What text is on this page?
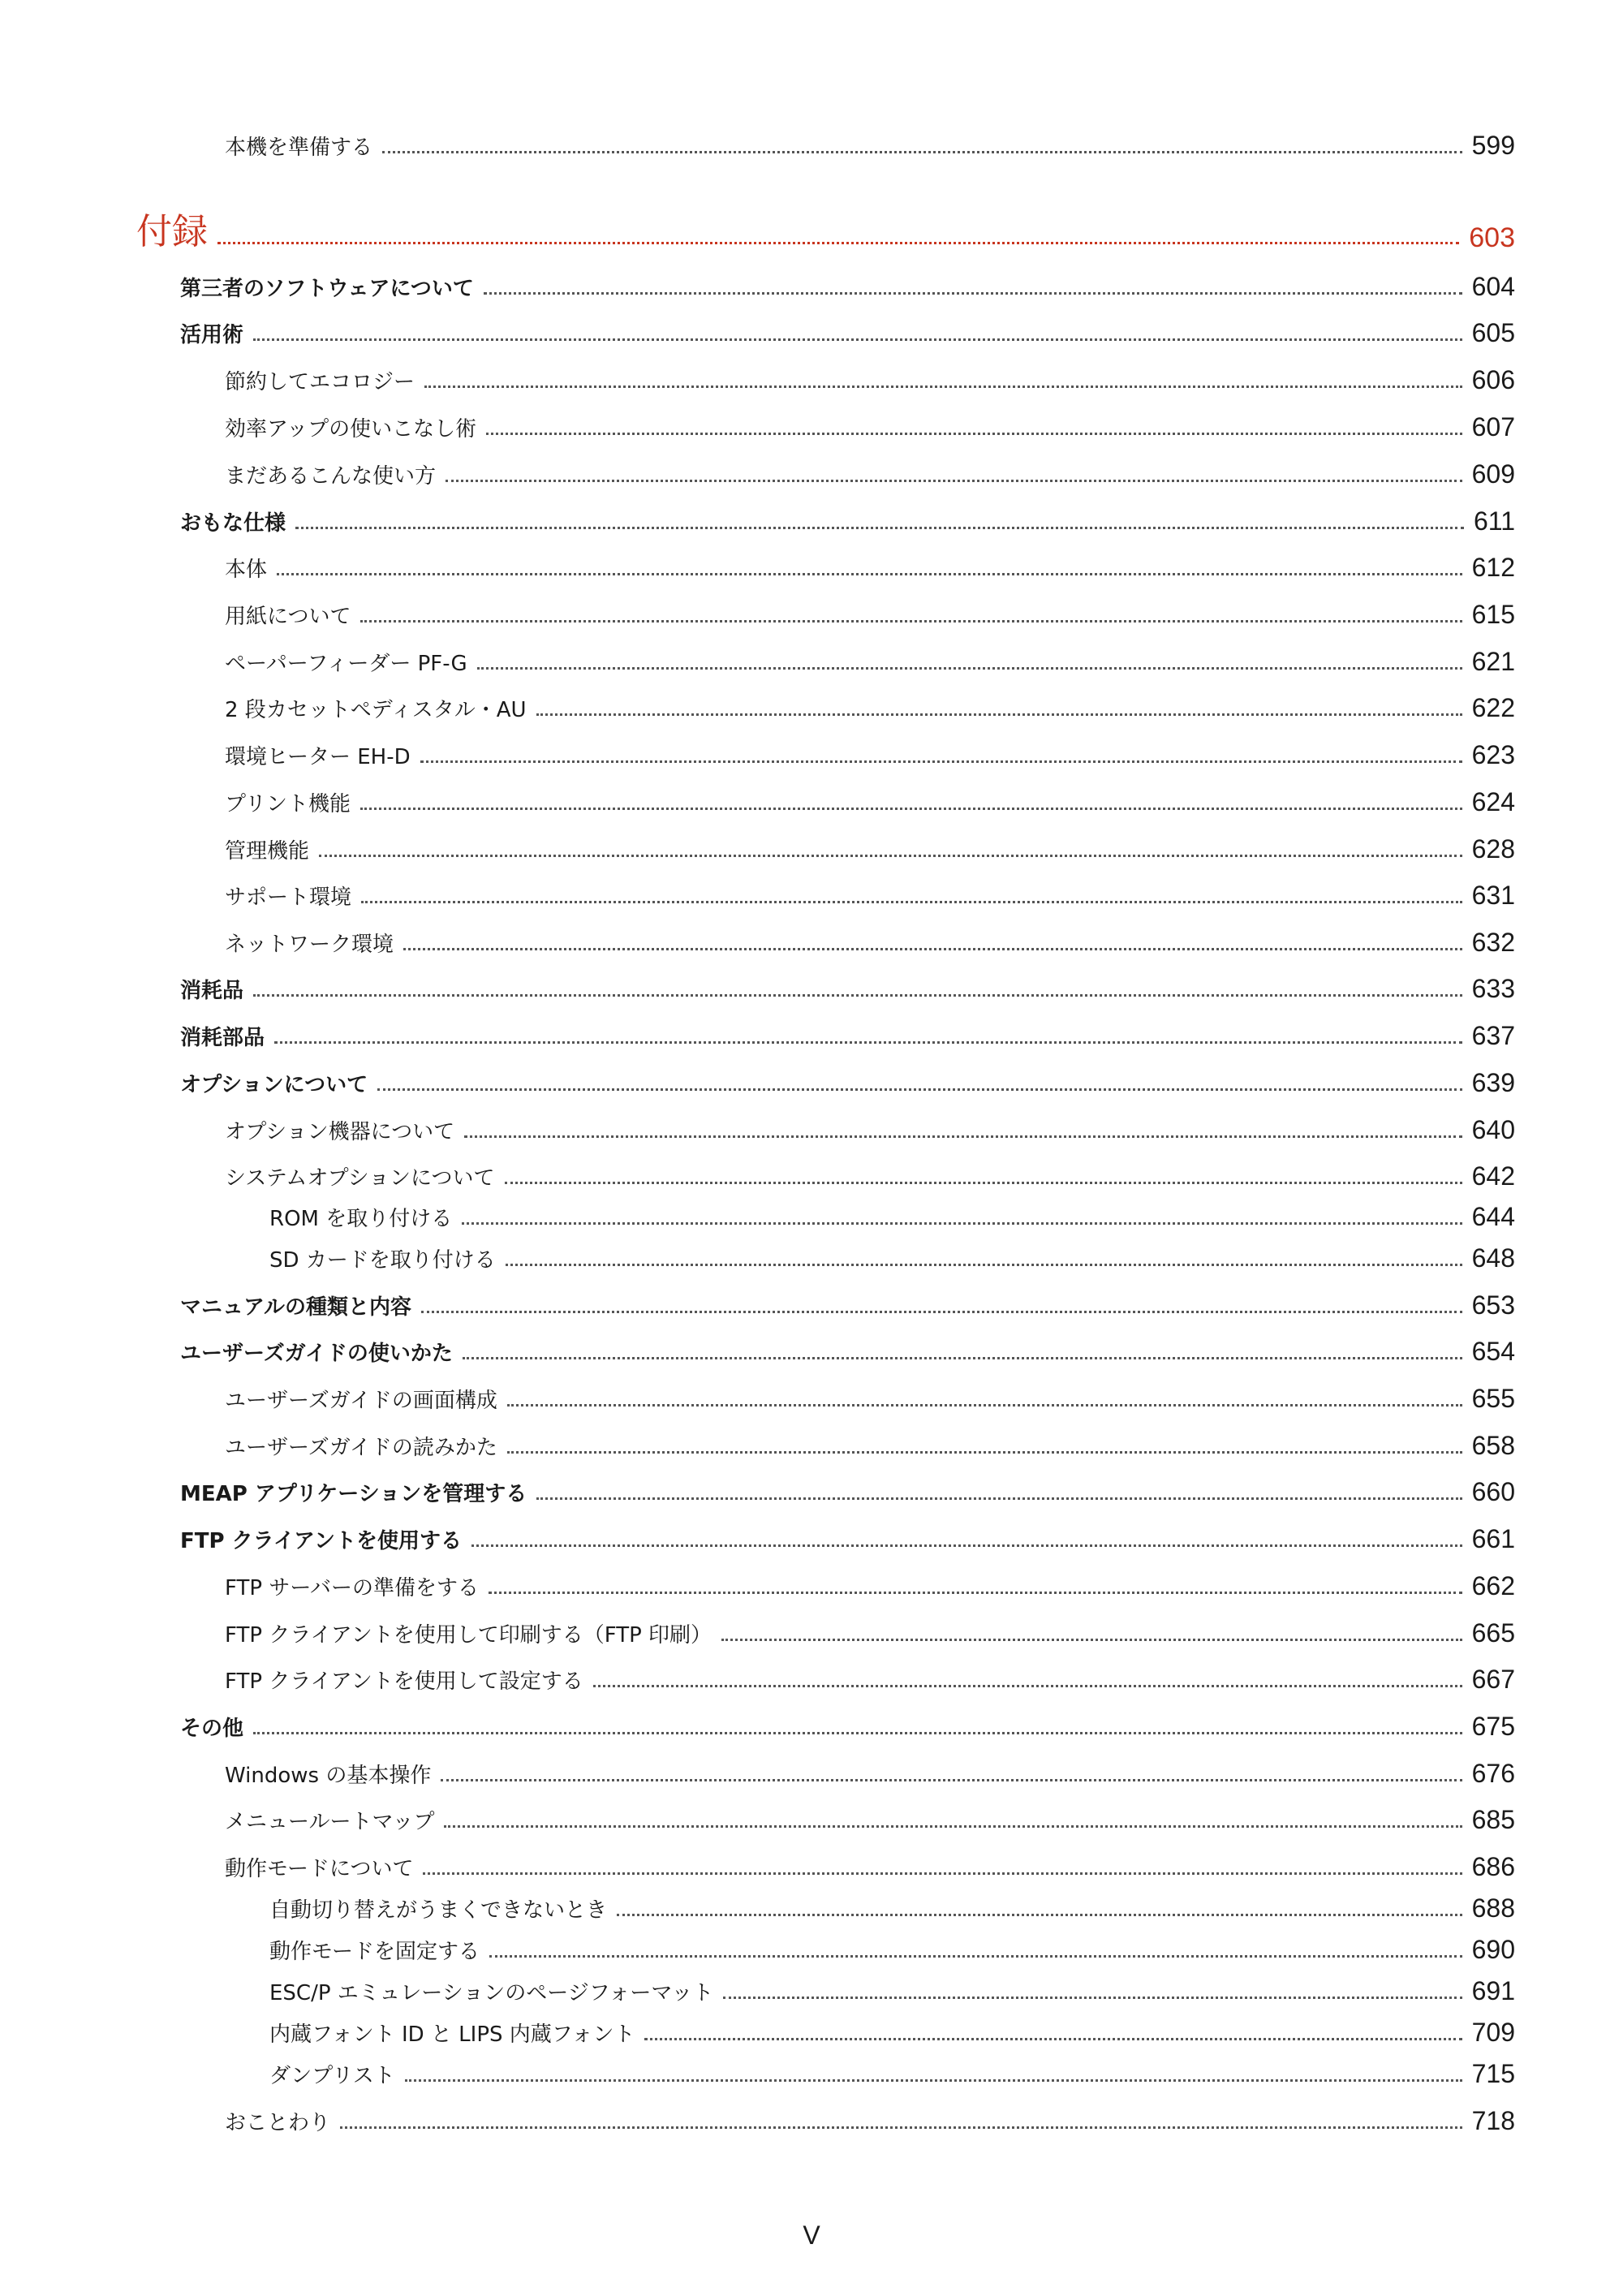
本機を準備する	599
付録	603
第三者のソフトウェアについて	604
活用術	605
節約してエコロジー	606
効率アップの使いこなし術	607
まだあるこんな使い方	609
おもな仕様	611
本体	612
用紙について	615
ペーパーフィーダー PF-G	621
2 段カセットペディスタル・AU	622
環境ヒーター EH-D	623
プリント機能	624
管理機能	628
サポート環境	631
ネットワーク環境	632
消耗品	633
消耗部品	637
オプションについて	639
オプション機器について	640
システムオプションについて	642
ROM を取り付ける	644
SD カードを取り付ける	648
マニュアルの種類と内容	653
ユーザーズガイドの使いかた	654
ユーザーズガイドの画面構成	655
ユーザーズガイドの読みかた	658
MEAP アプリケーションを管理する	660
FTP クライアントを使用する	661
FTP サーバーの準備をする	662
FTP クライアントを使用して印刷する（FTP 印刷）	665
FTP クライアントを使用して設定する	667
その他	675
Windows の基本操作	676
メニュールートマップ	685
動作モードについて	686
自動切り替えがうまくできないとき	688
動作モードを固定する	690
ESC/P エミュレーションのページフォーマット	691
内蔵フォント ID と LIPS 内蔵フォント	709
ダンプリスト	715
おことわり	718
V
